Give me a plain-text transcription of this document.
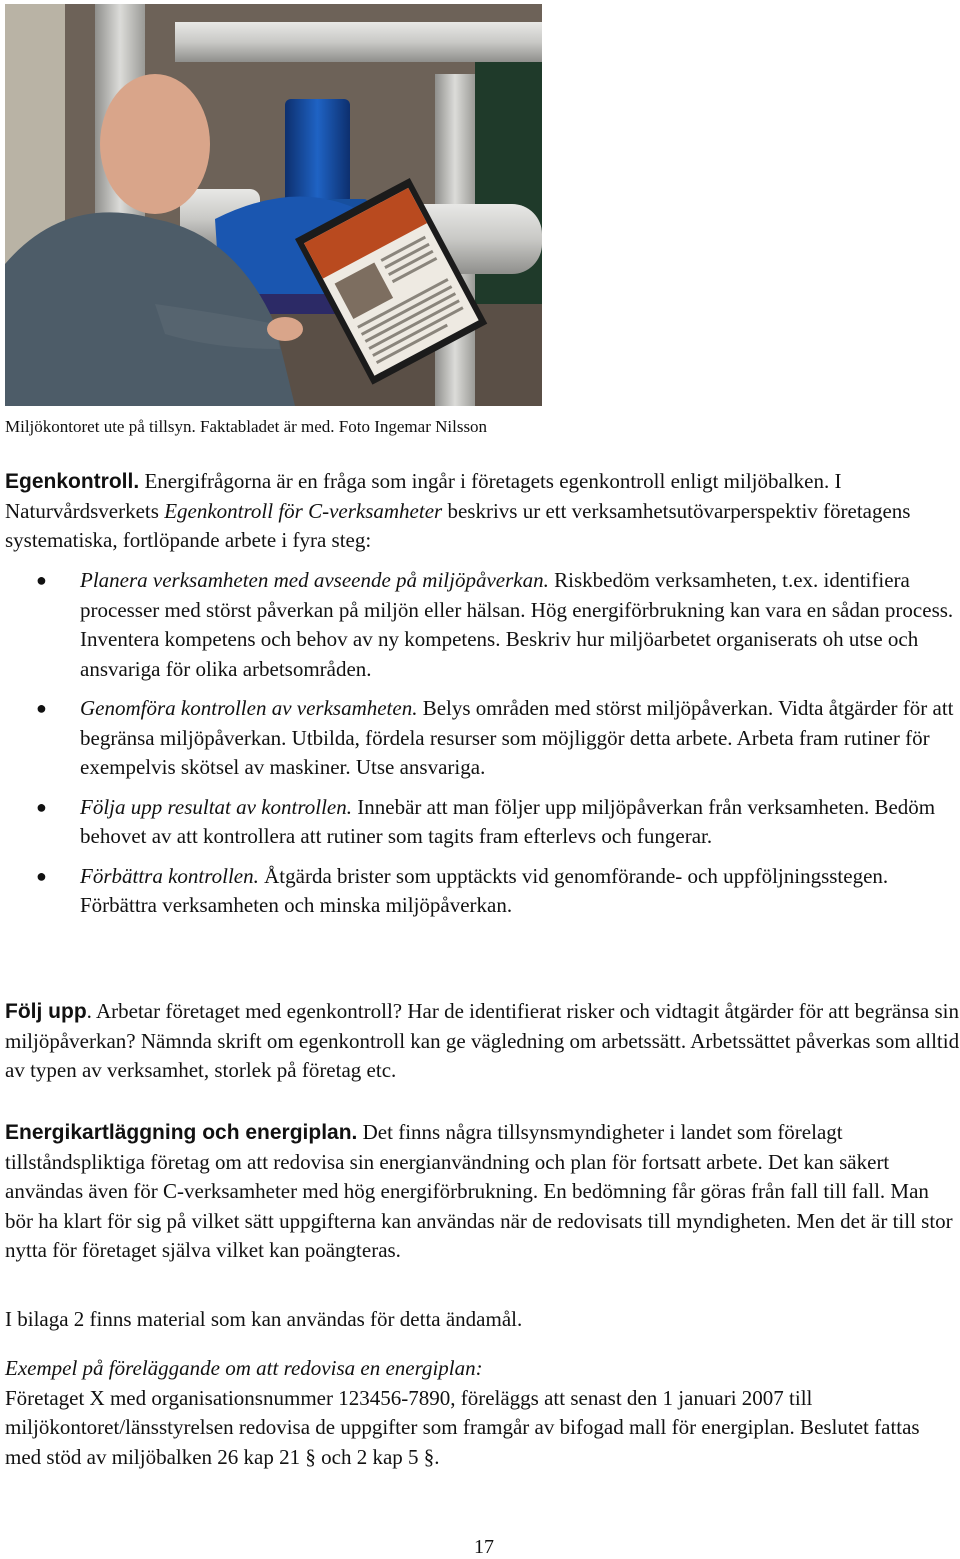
Miljökontoret ute på tillsyn. Faktabladet är med. Foto Ingemar Nilsson
Egenkontroll. Energifrågorna är en fråga som ingår i företagets egenkontroll enligt miljöbalken. I Naturvårdsverkets Egenkontroll för C-verksamheter beskrivs ur ett verksamhetsutövarperspektiv företagens systematiska, fortlöpande arbete i fyra steg:
● Planera verksamheten med avseende på miljöpåverkan. Riskbedöm verksamheten, t.ex. identifiera processer med störst påverkan på miljön eller hälsan. Hög energiförbrukning kan vara en sådan process. Inventera kompetens och behov av ny kompetens. Beskriv hur miljöarbetet organiserats oh utse och ansvariga för olika arbetsområden.
● Genomföra kontrollen av verksamheten. Belys områden med störst miljöpåverkan. Vidta åtgärder för att begränsa miljöpåverkan. Utbilda, fördela resurser som möjliggör detta arbete. Arbeta fram rutiner för exempelvis skötsel av maskiner. Utse ansvariga.
● Följa upp resultat av kontrollen. Innebär att man följer upp miljöpåverkan från verksamheten. Bedöm behovet av att kontrollera att rutiner som tagits fram efterlevs och fungerar.
● Förbättra kontrollen. Åtgärda brister som upptäckts vid genomförande- och uppföljningsstegen. Förbättra verksamheten och minska miljöpåverkan.
Följ upp. Arbetar företaget med egenkontroll? Har de identifierat risker och vidtagit åtgärder för att begränsa sin miljöpåverkan? Nämnda skrift om egenkontroll kan ge vägledning om arbetssätt. Arbetssättet påverkas som alltid av typen av verksamhet, storlek på företag etc.
Energikartläggning och energiplan. Det finns några tillsynsmyndigheter i landet som förelagt tillståndspliktiga företag om att redovisa sin energianvändning och plan för fortsatt arbete. Det kan säkert användas även för C-verksamheter med hög energiförbrukning. En bedömning får göras från fall till fall. Man bör ha klart för sig på vilket sätt uppgifterna kan användas när de redovisats till myndigheten. Men det är till stor nytta för företaget själva vilket kan poängteras.
I bilaga 2 finns material som kan användas för detta ändamål.
Exempel på föreläggande om att redovisa en energiplan:
Företaget X med organisationsnummer 123456-7890, föreläggs att senast den 1 januari 2007 till miljökontoret/länsstyrelsen redovisa de uppgifter som framgår av bifogad mall för energiplan. Beslutet fattas med stöd av miljöbalken 26 kap 21 § och 2 kap 5 §.
17
